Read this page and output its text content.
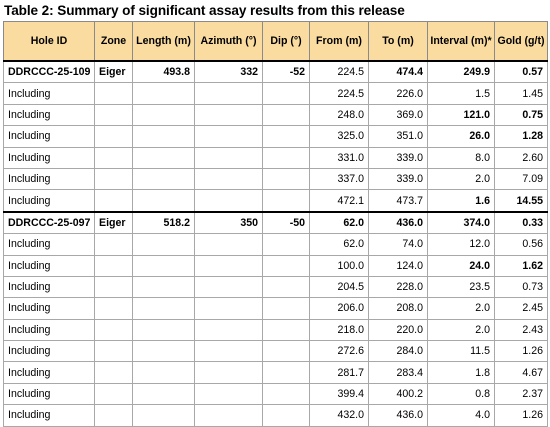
Table 2: Summary of significant assay results from this release
Hole ID	Zone	Length (m)	Azimuth (°)	Dip (°)	From (m)	To (m)	Interval (m)*	Gold (g/t)
DDRCCC-25-109	Eiger	493.8	332	-52	224.5	474.4	249.9	0.57
Including					224.5	226.0	1.5	1.45
Including					248.0	369.0	121.0	0.75
Including					325.0	351.0	26.0	1.28
Including					331.0	339.0	8.0	2.60
Including					337.0	339.0	2.0	7.09
Including					472.1	473.7	1.6	14.55
DDRCCC-25-097	Eiger	518.2	350	-50	62.0	436.0	374.0	0.33
Including					62.0	74.0	12.0	0.56
Including					100.0	124.0	24.0	1.62
Including					204.5	228.0	23.5	0.73
Including					206.0	208.0	2.0	2.45
Including					218.0	220.0	2.0	2.43
Including					272.6	284.0	11.5	1.26
Including					281.7	283.4	1.8	4.67
Including					399.4	400.2	0.8	2.37
Including					432.0	436.0	4.0	1.26
